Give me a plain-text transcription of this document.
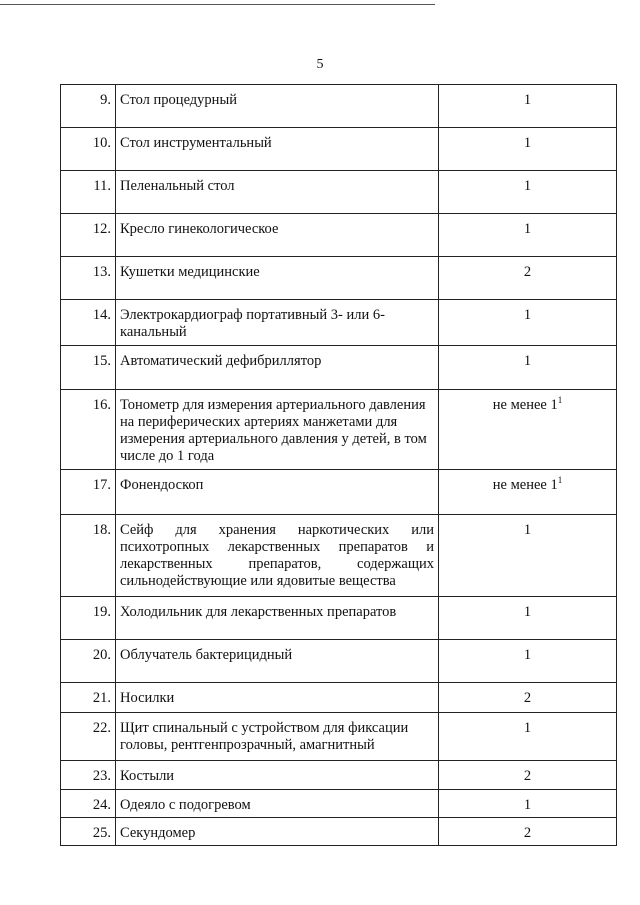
5
9.	Стол процедурный	1
10.	Стол инструментальный	1
11.	Пеленальный стол	1
12.	Кресло гинекологическое	1
13.	Кушетки медицинские	2
14.	Электрокардиограф портативный 3- или 6-канальный	1
15.	Автоматический дефибриллятор	1
16.	Тонометр для измерения артериального давления на периферических артериях манжетами для измерения артериального давления у детей, в том числе до 1 года	не менее $1^1$
17.	Фонендоскоп	не менее $1^1$
18.	Сейф для хранения наркотических или психотропных лекарственных препаратов и лекарственных препаратов, содержащих сильнодействующие или ядовитые вещества	1
19.	Холодильник для лекарственных препаратов	1
20.	Облучатель бактерицидный	1
21.	Носилки	2
22.	Щит спинальный с устройством для фиксации головы, рентгенпрозрачный, амагнитный	1
23.	Костыли	2
24.	Одеяло с подогревом	1
25.	Секундомер	2
